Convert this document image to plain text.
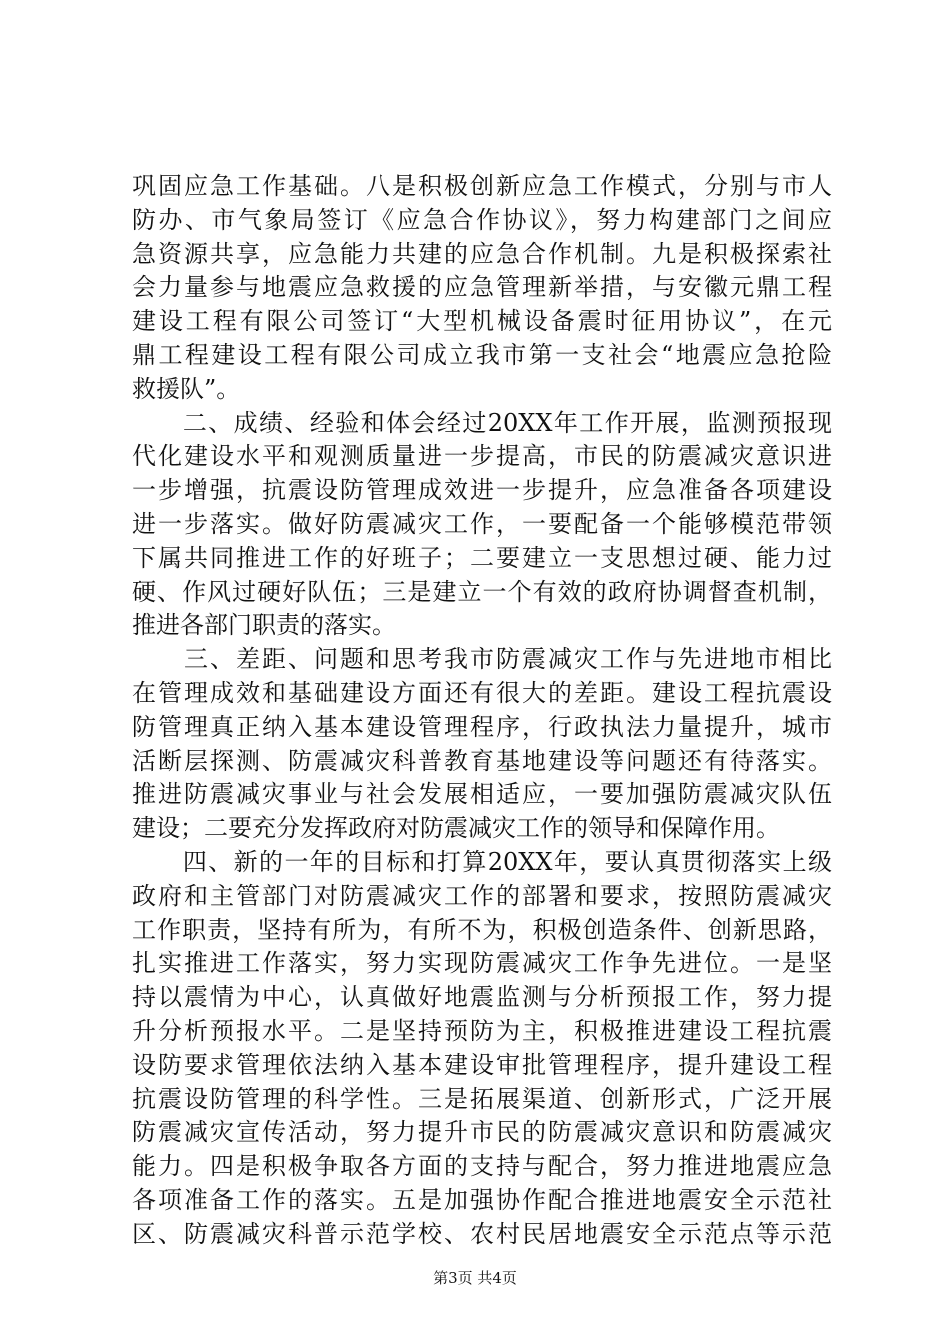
巩固应急工作基础。八是积极创新应急工作模式，分别与市人
防办、市气象局签订《应急合作协议》，努力构建部门之间应
急资源共享，应急能力共建的应急合作机制。九是积极探索社
会力量参与地震应急救援的应急管理新举措，与安徽元鼎工程
建设工程有限公司签订“大型机械设备震时征用协议”，在元
鼎工程建设工程有限公司成立我市第一支社会“地震应急抢险
救援队”。
　　二、成绩、经验和体会经过20XX年工作开展，监测预报现
代化建设水平和观测质量进一步提高，市民的防震减灾意识进
一步增强，抗震设防管理成效进一步提升，应急准备各项建设
进一步落实。做好防震减灾工作，一要配备一个能够模范带领
下属共同推进工作的好班子；二要建立一支思想过硬、能力过
硬、作风过硬好队伍；三是建立一个有效的政府协调督查机制，
推进各部门职责的落实。
　　三、差距、问题和思考我市防震减灾工作与先进地市相比
在管理成效和基础建设方面还有很大的差距。建设工程抗震设
防管理真正纳入基本建设管理程序，行政执法力量提升，城市
活断层探测、防震减灾科普教育基地建设等问题还有待落实。
推进防震减灾事业与社会发展相适应，一要加强防震减灾队伍
建设；二要充分发挥政府对防震减灾工作的领导和保障作用。
　　四、新的一年的目标和打算20XX年，要认真贯彻落实上级
政府和主管部门对防震减灾工作的部署和要求，按照防震减灾
工作职责，坚持有所为，有所不为，积极创造条件、创新思路，
扎实推进工作落实，努力实现防震减灾工作争先进位。一是坚
持以震情为中心，认真做好地震监测与分析预报工作，努力提
升分析预报水平。二是坚持预防为主，积极推进建设工程抗震
设防要求管理依法纳入基本建设审批管理程序，提升建设工程
抗震设防管理的科学性。三是拓展渠道、创新形式，广泛开展
防震减灾宣传活动，努力提升市民的防震减灾意识和防震减灾
能力。四是积极争取各方面的支持与配合，努力推进地震应急
各项准备工作的落实。五是加强协作配合推进地震安全示范社
区、防震减灾科普示范学校、农村民居地震安全示范点等示范
第3页 共4页
